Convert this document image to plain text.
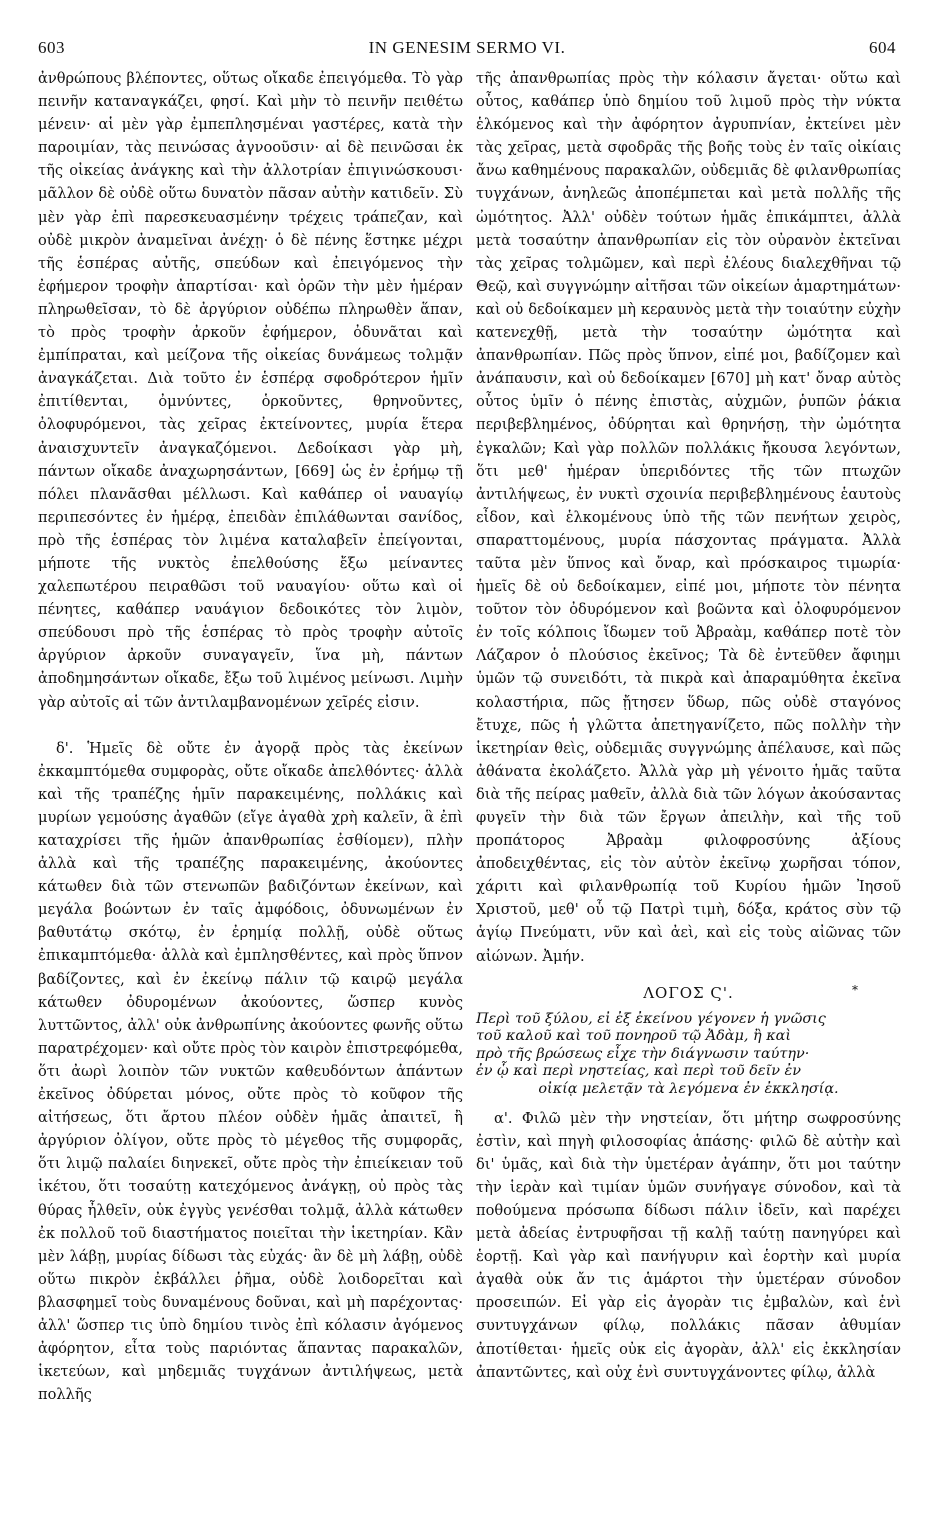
603	IN GENESIM SERMO VI.	604

ἀνθρώπους βλέποντες, οὕτως οἴκαδε ἐπειγόμεθα. Τὸ γὰρ πεινῆν καταναγκάζει, φησί. Καὶ μὴν τὸ πεινῆν πειθέτω μένειν· αἱ μὲν γὰρ ἐμπεπλησμέναι γαστέρες, κατὰ τὴν παροιμίαν, τὰς πεινώσας ἀγνοοῦσιν· αἱ δὲ πεινῶσαι ἐκ τῆς οἰκείας ἀνάγκης καὶ τὴν ἀλλοτρίαν ἐπιγινώσκουσι· μᾶλλον δὲ οὐδὲ οὕτω δυνατὸν πᾶσαν αὐτὴν κατιδεῖν. Σὺ μὲν γὰρ ἐπὶ παρεσκευασμένην τρέχεις τράπεζαν, καὶ οὐδὲ μικρὸν ἀναμεῖναι ἀνέχῃ· ὁ δὲ πένης ἕστηκε μέχρι τῆς ἑσπέρας αὐτῆς, σπεύδων καὶ ἐπειγόμενος τὴν ἐφήμερον τροφὴν ἀπαρτίσαι· καὶ ὁρῶν τὴν μὲν ἡμέραν πληρωθεῖσαν, τὸ δὲ ἀργύριον οὐδέπω πληρωθὲν ἅπαν, τὸ πρὸς τροφὴν ἀρκοῦν ἐφήμερον, ὀδυνᾶται καὶ ἐμπίπραται, καὶ μείζονα τῆς οἰκείας δυνάμεως τολμᾷν ἀναγκάζεται. Διὰ τοῦτο ἐν ἑσπέρᾳ σφοδρότερον ἡμῖν ἐπιτίθενται, ὀμνύντες, ὁρκοῦντες, θρηνοῦντες, ὀλοφυρόμενοι, τὰς χεῖρας ἐκτείνοντες, μυρία ἕτερα ἀναισχυντεῖν ἀναγκαζόμενοι. Δεδοίκασι γὰρ μὴ, πάντων οἴκαδε ἀναχωρησάντων, [669] ὡς ἐν ἐρήμῳ τῇ πόλει πλανᾶσθαι μέλλωσι. Καὶ καθάπερ οἱ ναυαγίῳ περιπεσόντες ἐν ἡμέρᾳ, ἐπειδὰν ἐπιλάθωνται σανίδος, πρὸ τῆς ἑσπέρας τὸν λιμένα καταλαβεῖν ἐπείγονται, μήποτε τῆς νυκτὸς ἐπελθούσης ἔξω μείναντες χαλεπωτέρου πειραθῶσι τοῦ ναυαγίου· οὕτω καὶ οἱ πένητες, καθάπερ ναυάγιον δεδοικότες τὸν λιμὸν, σπεύδουσι πρὸ τῆς ἑσπέρας τὸ πρὸς τροφὴν αὐτοῖς ἀργύριον ἀρκοῦν συναγαγεῖν, ἵνα μὴ, πάντων ἀποδημησάντων οἴκαδε, ἔξω τοῦ λιμένος μείνωσι. Λιμὴν γὰρ αὐτοῖς αἱ τῶν ἀντιλαμβανομένων χεῖρές εἰσιν.

δ'. Ἡμεῖς δὲ οὔτε ἐν ἀγορᾷ πρὸς τὰς ἐκείνων ἐκκαμπτόμεθα συμφορὰς, οὔτε οἴκαδε ἀπελθόντες· ἀλλὰ καὶ τῆς τραπέζης ἡμῖν παρακειμένης, πολλάκις καὶ μυρίων γεμούσης ἀγαθῶν (εἴγε ἀγαθὰ χρὴ καλεῖν, ἃ ἐπὶ καταχρίσει τῆς ἡμῶν ἀπανθρωπίας ἐσθίομεν), πλὴν ἀλλὰ καὶ τῆς τραπέζης παρακειμένης, ἀκούοντες κάτωθεν διὰ τῶν στενωπῶν βαδιζόντων ἐκείνων, καὶ μεγάλα βοώντων ἐν ταῖς ἀμφόδοις, ὀδυνωμένων ἐν βαθυτάτῳ σκότῳ, ἐν ἐρημίᾳ πολλῇ, οὐδὲ οὕτως ἐπικαμπτόμεθα· ἀλλὰ καὶ ἐμπλησθέντες, καὶ πρὸς ὕπνον βαδίζοντες, καὶ ἐν ἐκείνῳ πάλιν τῷ καιρῷ μεγάλα κάτωθεν ὀδυρομένων ἀκούοντες, ὥσπερ κυνὸς λυττῶντος, ἀλλ' οὐκ ἀνθρωπίνης ἀκούοντες φωνῆς οὕτω παρατρέχομεν· καὶ οὔτε πρὸς τὸν καιρὸν ἐπιστρεφόμεθα, ὅτι ἀωρὶ λοιπὸν τῶν νυκτῶν καθευδόντων ἁπάντων ἐκεῖνος ὀδύρεται μόνος, οὔτε πρὸς τὸ κοῦφον τῆς αἰτήσεως, ὅτι ἄρτου πλέον οὐδὲν ἡμᾶς ἀπαιτεῖ, ἢ ἀργύριον ὀλίγον, οὔτε πρὸς τὸ μέγεθος τῆς συμφορᾶς, ὅτι λιμῷ παλαίει διηνεκεῖ, οὔτε πρὸς τὴν ἐπιείκειαν τοῦ ἱκέτου, ὅτι τοσαύτῃ κατεχόμενος ἀνάγκῃ, οὐ πρὸς τὰς θύρας ἦλθεῖν, οὐκ ἐγγὺς γενέσθαι τολμᾷ, ἀλλὰ κάτωθεν ἐκ πολλοῦ τοῦ διαστήματος ποιεῖται τὴν ἱκετηρίαν. Κἂν μὲν λάβῃ, μυρίας δίδωσι τὰς εὐχάς· ἂν δὲ μὴ λάβῃ, οὐδὲ οὕτω πικρὸν ἐκβάλλει ῥῆμα, οὐδὲ λοιδορεῖται καὶ βλασφημεῖ τοὺς δυναμένους δοῦναι, καὶ μὴ παρέχοντας· ἀλλ' ὥσπερ τις ὑπὸ δημίου τινὸς ἐπὶ κόλασιν ἀγόμενος ἀφόρητον, εἶτα τοὺς παριόντας ἅπαντας παρακαλῶν, ἱκετεύων, καὶ μηδεμιᾶς τυγχάνων ἀντιλήψεως, μετὰ πολλῆς

τῆς ἀπανθρωπίας πρὸς τὴν κόλασιν ἄγεται· οὕτω καὶ οὗτος, καθάπερ ὑπὸ δημίου τοῦ λιμοῦ πρὸς τὴν νύκτα ἑλκόμενος καὶ τὴν ἀφόρητον ἀγρυπνίαν, ἐκτείνει μὲν τὰς χεῖρας, μετὰ σφοδρᾶς τῆς βοῆς τοὺς ἐν ταῖς οἰκίαις ἄνω καθημένους παρακαλῶν, οὐδεμιᾶς δὲ φιλανθρωπίας τυγχάνων, ἀνηλεῶς ἀποπέμπεται καὶ μετὰ πολλῆς τῆς ὠμότητος. Ἀλλ' οὐδὲν τούτων ἡμᾶς ἐπικάμπτει, ἀλλὰ μετὰ τοσαύτην ἀπανθρωπίαν εἰς τὸν οὐρανὸν ἐκτεῖναι τὰς χεῖρας τολμῶμεν, καὶ περὶ ἐλέους διαλεχθῆναι τῷ Θεῷ, καὶ συγγνώμην αἰτῆσαι τῶν οἰκείων ἁμαρτημάτων· καὶ οὐ δεδοίκαμεν μὴ κεραυνὸς μετὰ τὴν τοιαύτην εὐχὴν κατενεχθῇ, μετὰ τὴν τοσαύτην ὠμότητα καὶ ἀπανθρωπίαν. Πῶς πρὸς ὕπνον, εἰπέ μοι, βαδίζομεν καὶ ἀνάπαυσιν, καὶ οὐ δεδοίκαμεν [670] μὴ κατ' ὄναρ αὐτὸς οὗτος ὑμῖν ὁ πένης ἐπιστὰς, αὐχμῶν, ῥυπῶν ῥάκια περιβεβλημένος, ὀδύρηται καὶ θρηνήσῃ, τὴν ὠμότητα ἐγκαλῶν; Καὶ γὰρ πολλῶν πολλάκις ἤκουσα λεγόντων, ὅτι μεθ' ἡμέραν ὑπεριδόντες τῆς τῶν πτωχῶν ἀντιλήψεως, ἐν νυκτὶ σχοινία περιβεβλημένους ἑαυτοὺς εἶδον, καὶ ἑλκομένους ὑπὸ τῆς τῶν πενήτων χειρὸς, σπαραττομένους, μυρία πάσχοντας πράγματα. Ἀλλὰ ταῦτα μὲν ὕπνος καὶ ὄναρ, καὶ πρόσκαιρος τιμωρία· ἡμεῖς δὲ οὐ δεδοίκαμεν, εἰπέ μοι, μήποτε τὸν πένητα τοῦτον τὸν ὀδυρόμενον καὶ βοῶντα καὶ ὀλοφυρόμενον ἐν τοῖς κόλποις ἴδωμεν τοῦ Ἀβραὰμ, καθάπερ ποτὲ τὸν Λάζαρον ὁ πλούσιος ἐκεῖνος; Τὰ δὲ ἐντεῦθεν ἄφιημι ὑμῶν τῷ συνειδότι, τὰ πικρὰ καὶ ἀπαραμύθητα ἐκεῖνα κολαστήρια, πῶς ᾔτησεν ὕδωρ, πῶς οὐδὲ σταγόνος ἔτυχε, πῶς ἡ γλῶττα ἀπετηγανίζετο, πῶς πολλὴν τὴν ἱκετηρίαν θεὶς, οὐδεμιᾶς συγγνώμης ἀπέλαυσε, καὶ πῶς ἀθάνατα ἐκολάζετο. Ἀλλὰ γὰρ μὴ γένοιτο ἡμᾶς ταῦτα διὰ τῆς πείρας μαθεῖν, ἀλλὰ διὰ τῶν λόγων ἀκούσαντας φυγεῖν τὴν διὰ τῶν ἔργων ἀπειλὴν, καὶ τῆς τοῦ προπάτορος Ἀβραὰμ φιλοφροσύνης ἀξίους ἀποδειχθέντας, εἰς τὸν αὐτὸν ἐκεῖνῳ χωρῆσαι τόπον, χάριτι καὶ φιλανθρωπίᾳ τοῦ Κυρίου ἡμῶν Ἰησοῦ Χριστοῦ, μεθ' οὗ τῷ Πατρὶ τιμὴ, δόξα, κράτος σὺν τῷ ἁγίῳ Πνεύματι, νῦν καὶ ἀεὶ, καὶ εἰς τοὺς αἰῶνας τῶν αἰώνων. Ἀμήν.

ΛΟΓΟΣ Ϛ'.	*
Περὶ τοῦ ξύλου, εἰ ἐξ ἐκείνου γέγονεν ἡ γνῶσις
τοῦ καλοῦ καὶ τοῦ πονηροῦ τῷ Ἀδὰμ, ἢ καὶ
πρὸ τῆς βρώσεως εἶχε τὴν διάγνωσιν ταύτην·
ἐν ᾧ καὶ περὶ νηστείας, καὶ περὶ τοῦ δεῖν ἐν
οἰκίᾳ μελετᾷν τὰ λεγόμενα ἐν ἐκκλησίᾳ.

α'. Φιλῶ μὲν τὴν νηστείαν, ὅτι μήτηρ σωφροσύνης ἐστὶν, καὶ πηγὴ φιλοσοφίας ἁπάσης· φιλῶ δὲ αὐτὴν καὶ δι' ὑμᾶς, καὶ διὰ τὴν ὑμετέραν ἀγάπην, ὅτι μοι ταύτην τὴν ἱερὰν καὶ τιμίαν ὑμῶν συνήγαγε σύνοδον, καὶ τὰ ποθούμενα πρόσωπα δίδωσι πάλιν ἰδεῖν, καὶ παρέχει μετὰ ἀδείας ἐντρυφῆσαι τῇ καλῇ ταύτῃ πανηγύρει καὶ ἑορτῇ. Καὶ γὰρ καὶ πανήγυριν καὶ ἑορτὴν καὶ μυρία ἀγαθὰ οὐκ ἄν τις ἁμάρτοι τὴν ὑμετέραν σύνοδον προσειπών. Εἰ γὰρ εἰς ἀγορὰν τις ἐμβαλὼν, καὶ ἑνὶ συντυγχάνων φίλῳ, πολλάκις πᾶσαν ἀθυμίαν ἀποτίθεται· ἡμεῖς οὐκ εἰς ἀγορὰν, ἀλλ' εἰς ἐκκλησίαν ἀπαντῶντες, καὶ οὐχ ἑνὶ συντυγχάνοντες φίλῳ, ἀλλὰ
